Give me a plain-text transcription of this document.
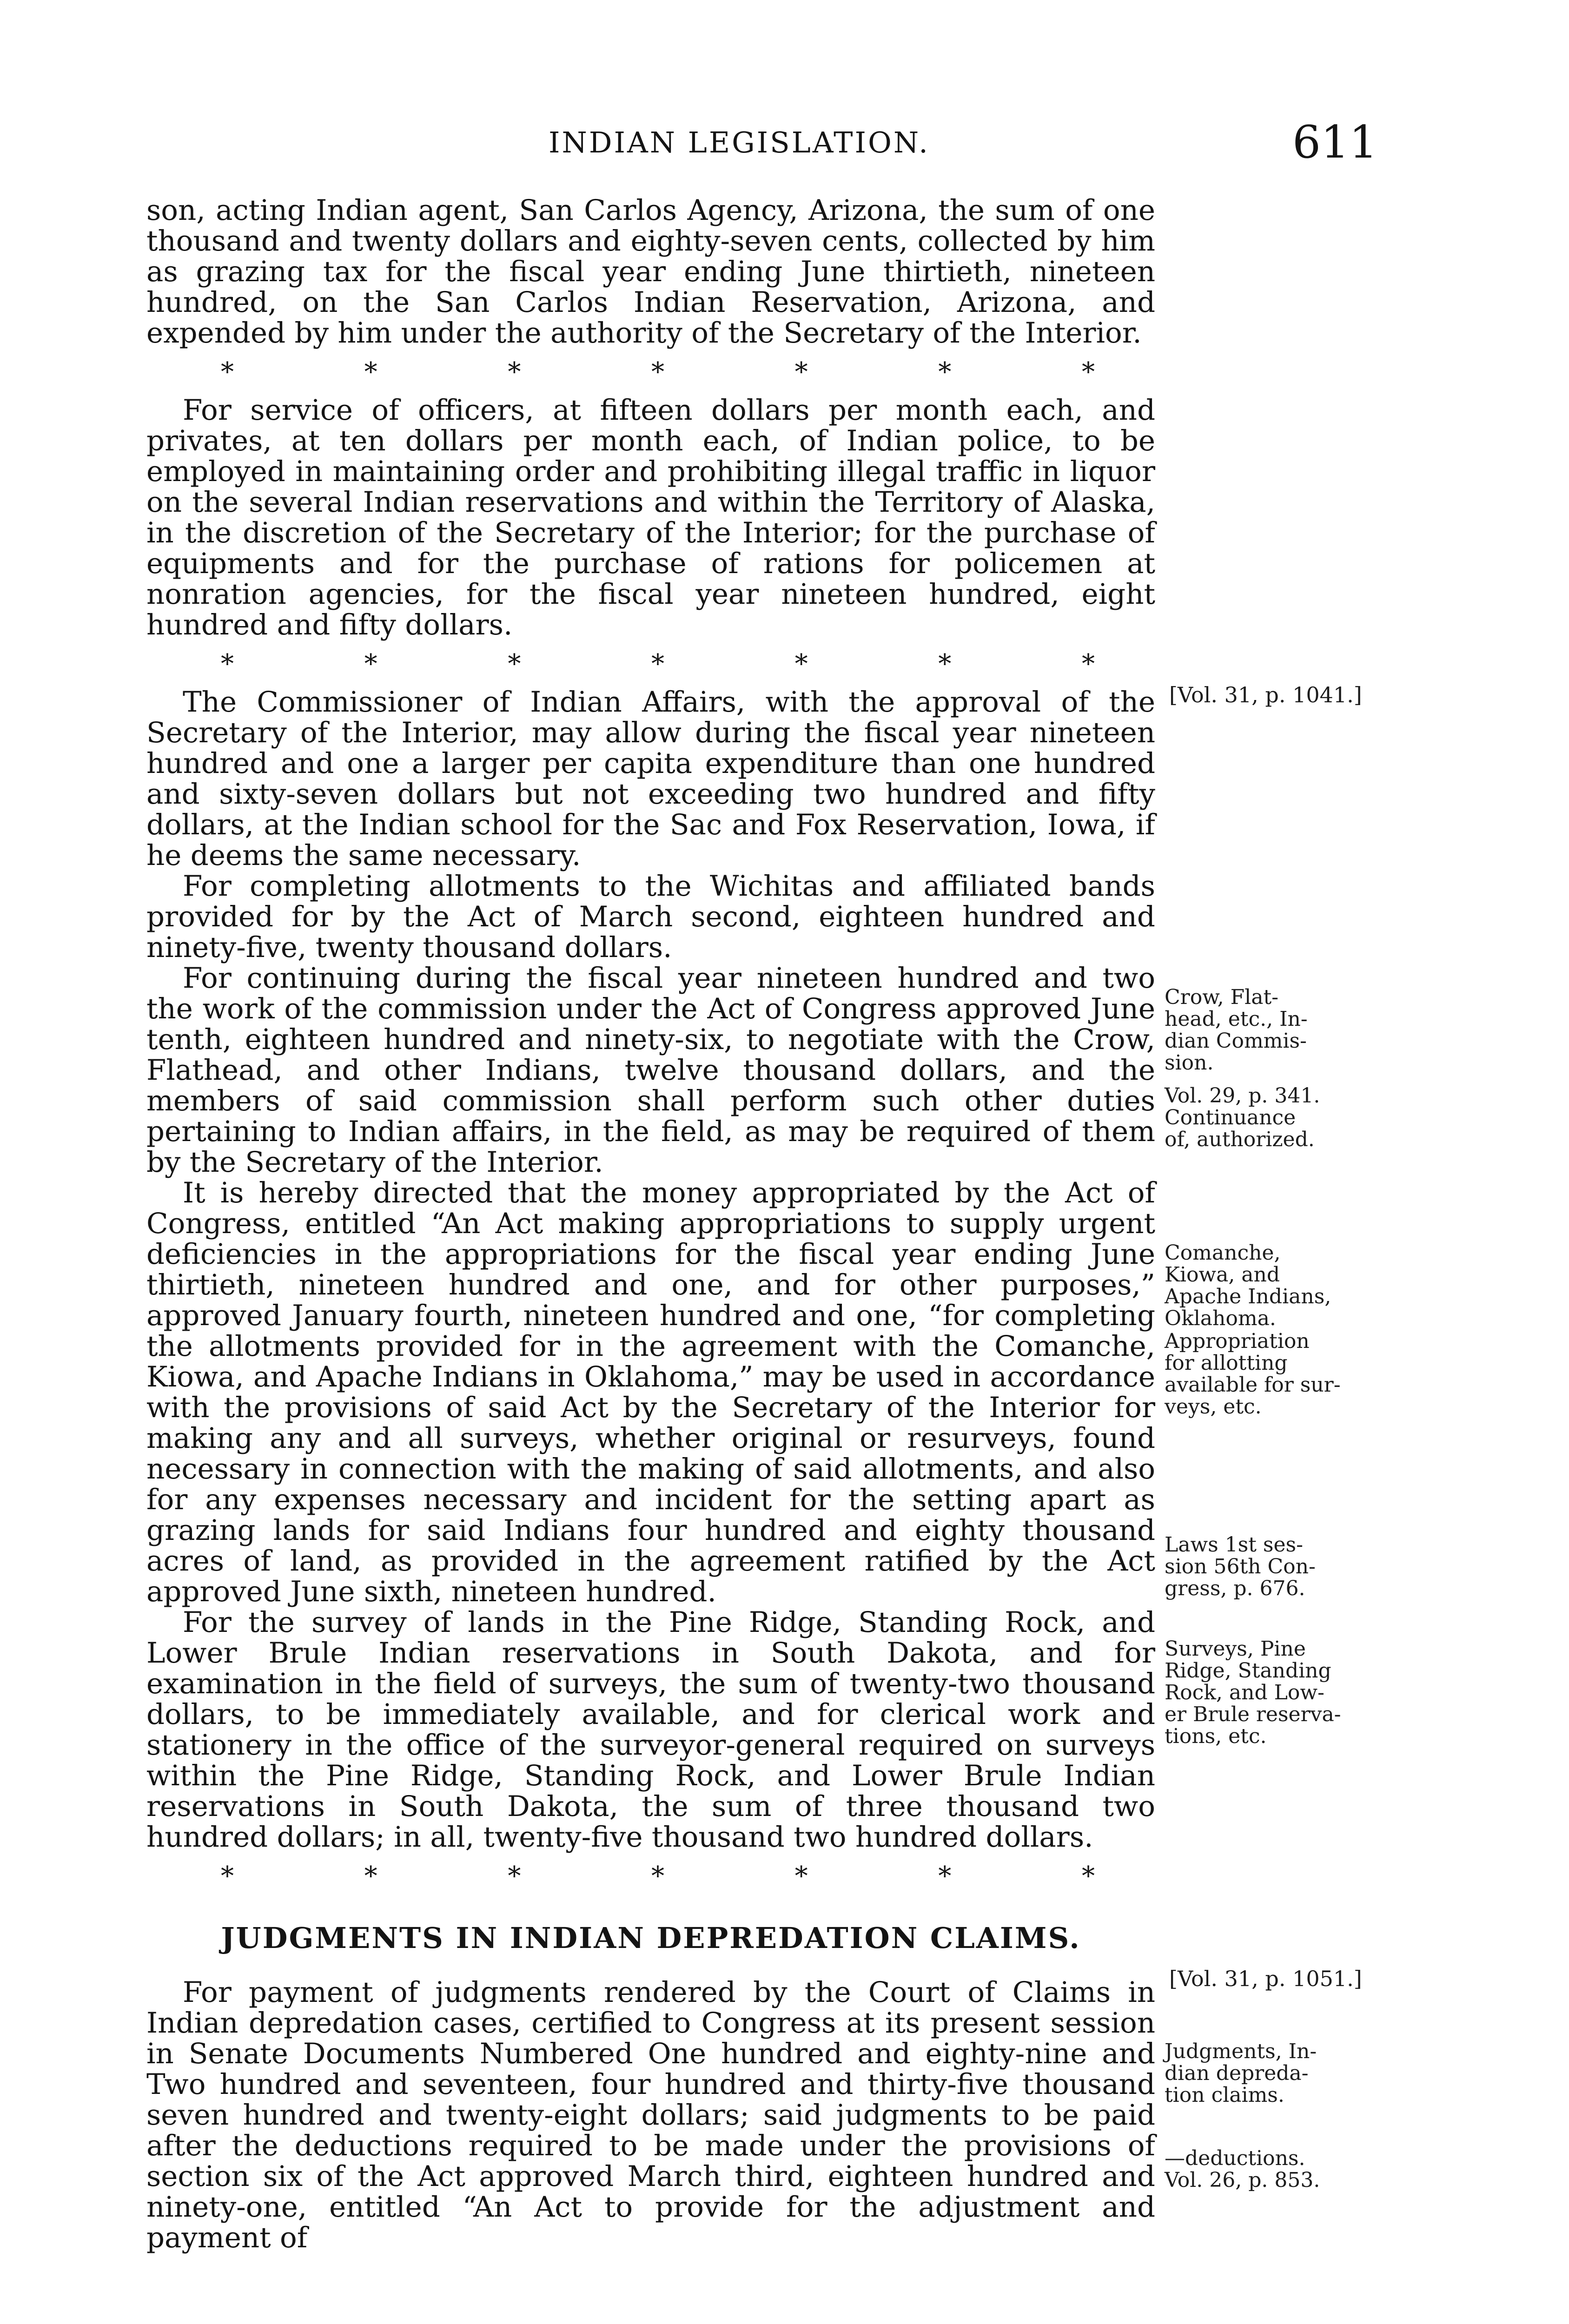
INDIAN LEGISLATION.	611

son, acting Indian agent, San Carlos Agency, Arizona, the sum of one thousand and twenty dollars and eighty-seven cents, collected by him as grazing tax for the fiscal year ending June thirtieth, nineteen hundred, on the San Carlos Indian Reservation, Arizona, and expended by him under the authority of the Secretary of the Interior.

*	*	*	*	*	*	*

For service of officers, at fifteen dollars per month each, and privates, at ten dollars per month each, of Indian police, to be employed in maintaining order and prohibiting illegal traffic in liquor on the several Indian reservations and within the Territory of Alaska, in the discretion of the Secretary of the Interior; for the purchase of equipments and for the purchase of rations for policemen at nonration agencies, for the fiscal year nineteen hundred, eight hundred and fifty dollars.

*	*	*	*	*	*	*

The Commissioner of Indian Affairs, with the approval of the Secretary of the Interior, may allow during the fiscal year nineteen hundred and one a larger per capita expenditure than one hundred and sixty-seven dollars but not exceeding two hundred and fifty dollars, at the Indian school for the Sac and Fox Reservation, Iowa, if he deems the same necessary.

For completing allotments to the Wichitas and affiliated bands provided for by the Act of March second, eighteen hundred and ninety-five, twenty thousand dollars.

For continuing during the fiscal year nineteen hundred and two the work of the commission under the Act of Congress approved June tenth, eighteen hundred and ninety-six, to negotiate with the Crow, Flathead, and other Indians, twelve thousand dollars, and the members of said commission shall perform such other duties pertaining to Indian affairs, in the field, as may be required of them by the Secretary of the Interior.

It is hereby directed that the money appropriated by the Act of Congress, entitled “An Act making appropriations to supply urgent deficiencies in the appropriations for the fiscal year ending June thirtieth, nineteen hundred and one, and for other purposes,” approved January fourth, nineteen hundred and one, “for completing the allotments provided for in the agreement with the Comanche, Kiowa, and Apache Indians in Oklahoma,” may be used in accordance with the provisions of said Act by the Secretary of the Interior for making any and all surveys, whether original or resurveys, found necessary in connection with the making of said allotments, and also for any expenses necessary and incident for the setting apart as grazing lands for said Indians four hundred and eighty thousand acres of land, as provided in the agreement ratified by the Act approved June sixth, nineteen hundred.

For the survey of lands in the Pine Ridge, Standing Rock, and Lower Brule Indian reservations in South Dakota, and for examination in the field of surveys, the sum of twenty-two thousand dollars, to be immediately available, and for clerical work and stationery in the office of the surveyor-general required on surveys within the Pine Ridge, Standing Rock, and Lower Brule Indian reservations in South Dakota, the sum of three thousand two hundred dollars; in all, twenty-five thousand two hundred dollars.

*	*	*	*	*	*	*
JUDGMENTS IN INDIAN DEPREDATION CLAIMS.

For payment of judgments rendered by the Court of Claims in Indian depredation cases, certified to Congress at its present session in Senate Documents Numbered One hundred and eighty-nine and Two hundred and seventeen, four hundred and thirty-five thousand seven hundred and twenty-eight dollars; said judgments to be paid after the deductions required to be made under the provisions of section six of the Act approved March third, eighteen hundred and ninety-one, entitled “An Act to provide for the adjustment and payment of

[Vol. 31, p. 1041.]
Crow, Flat-
head, etc., In-
dian Commis-
sion.
Vol. 29, p. 341.
Continuance
of, authorized.
Comanche,
Kiowa, and
Apache Indians,
Oklahoma.
Appropriation
for allotting
available for sur-
veys, etc.
Laws 1st ses-
sion 56th Con-
gress, p. 676.
Surveys, Pine
Ridge, Standing
Rock, and Low-
er Brule reserva-
tions, etc.
[Vol. 31, p. 1051.]
Judgments, In-
dian depreda-
tion claims.
—deductions.
Vol. 26, p. 853.
